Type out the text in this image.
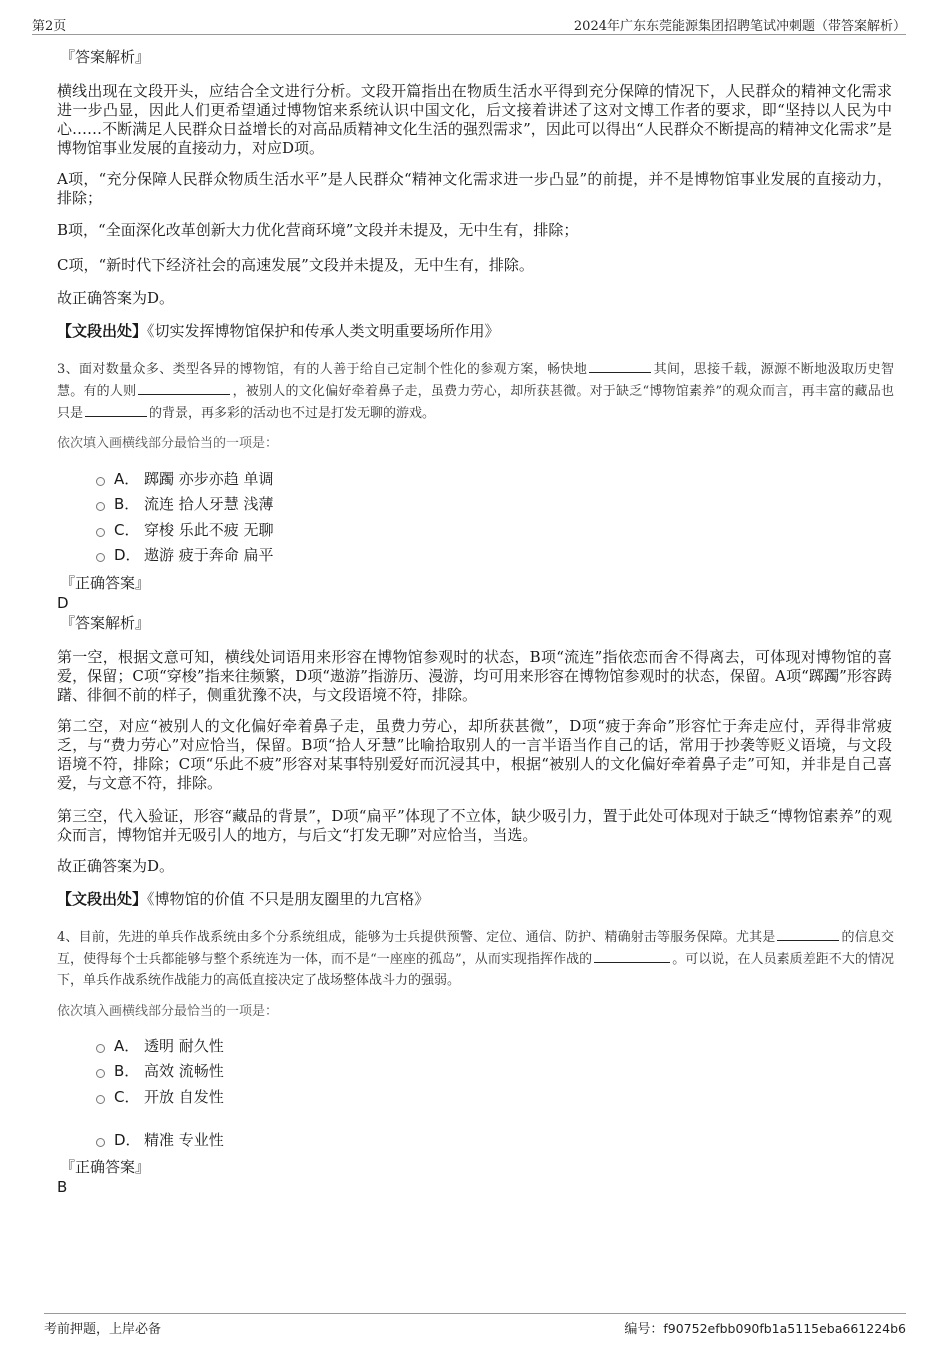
第2页	2024年广东东莞能源集团招聘笔试冲刺题（带答案解析）
『答案解析』
横线出现在文段开头，应结合全文进行分析。文段开篇指出在物质生活水平得到充分保障的情况下，人民群众的精神文化需求进一步凸显，因此人们更希望通过博物馆来系统认识中国文化，后文接着讲述了这对文博工作者的要求，即“坚持以人民为中心……不断满足人民群众日益增长的对高品质精神文化生活的强烈需求”，因此可以得出“人民群众不断提高的精神文化需求”是博物馆事业发展的直接动力，对应D项。
A项，“充分保障人民群众物质生活水平”是人民群众“精神文化需求进一步凸显”的前提，并不是博物馆事业发展的直接动力，排除；
B项，“全面深化改革创新大力优化营商环境”文段并未提及，无中生有，排除；
C项，“新时代下经济社会的高速发展”文段并未提及，无中生有，排除。
故正确答案为D。
【文段出处】《切实发挥博物馆保护和传承人类文明重要场所作用》
3、面对数量众多、类型各异的博物馆，有的人善于给自己定制个性化的参观方案，畅快地	其间，思接千载，源源不断地汲取历史智慧。有的人则	，被别人的文化偏好牵着鼻子走，虽费力劳心，却所获甚微。对于缺乏“博物馆素养”的观众而言，再丰富的藏品也只是	的背景，再多彩的活动也不过是打发无聊的游戏。
依次填入画横线部分最恰当的一项是：
A． 踯躅 亦步亦趋 单调
B． 流连 拾人牙慧 浅薄
C． 穿梭 乐此不疲 无聊
D． 遨游 疲于奔命 扁平
『正确答案』
D
『答案解析』
第一空，根据文意可知，横线处词语用来形容在博物馆参观时的状态，B项“流连”指依恋而舍不得离去，可体现对博物馆的喜爱，保留；C项“穿梭”指来往频繁，D项“遨游”指游历、漫游，均可用来形容在博物馆参观时的状态，保留。A项“踯躅”形容踌躇、徘徊不前的样子，侧重犹豫不决，与文段语境不符，排除。
第二空，对应“被别人的文化偏好牵着鼻子走，虽费力劳心，却所获甚微”，D项“疲于奔命”形容忙于奔走应付，弄得非常疲乏，与“费力劳心”对应恰当，保留。B项“拾人牙慧”比喻拾取别人的一言半语当作自己的话，常用于抄袭等贬义语境，与文段语境不符，排除；C项“乐此不疲”形容对某事特别爱好而沉浸其中，根据“被别人的文化偏好牵着鼻子走”可知，并非是自己喜爱，与文意不符，排除。
第三空，代入验证，形容“藏品的背景”，D项“扁平”体现了不立体，缺少吸引力，置于此处可体现对于缺乏“博物馆素养”的观众而言，博物馆并无吸引人的地方，与后文“打发无聊”对应恰当，当选。
故正确答案为D。
【文段出处】《博物馆的价值 不只是朋友圈里的九宫格》
4、目前，先进的单兵作战系统由多个分系统组成，能够为士兵提供预警、定位、通信、防护、精确射击等服务保障。尤其是	的信息交互，使得每个士兵都能够与整个系统连为一体，而不是“一座座的孤岛”，从而实现指挥作战的	。可以说，在人员素质差距不大的情况下，单兵作战系统作战能力的高低直接决定了战场整体战斗力的强弱。
依次填入画横线部分最恰当的一项是：
A． 透明 耐久性
B． 高效 流畅性
C． 开放 自发性
D． 精准 专业性
『正确答案』
B
考前押题，上岸必备	编号：f90752efbb090fb1a5115eba661224b6
